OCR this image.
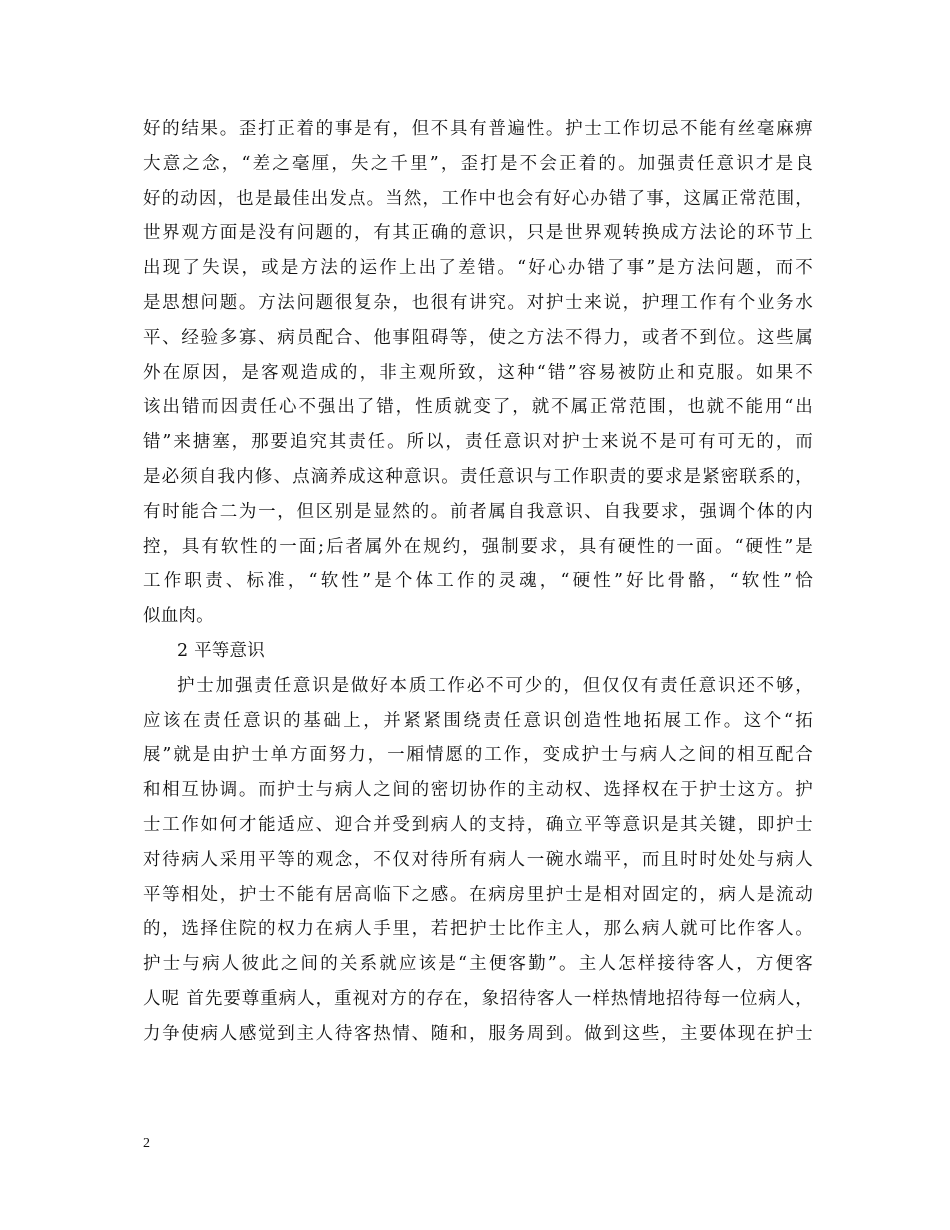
好的结果。歪打正着的事是有，但不具有普遍性。护士工作切忌不能有丝毫麻痹
大意之念，“差之毫厘，失之千里”，歪打是不会正着的。加强责任意识才是良
好的动因，也是最佳出发点。当然，工作中也会有好心办错了事，这属正常范围，
世界观方面是没有问题的，有其正确的意识，只是世界观转换成方法论的环节上
出现了失误，或是方法的运作上出了差错。“好心办错了事”是方法问题，而不
是思想问题。方法问题很复杂，也很有讲究。对护士来说，护理工作有个业务水
平、经验多寡、病员配合、他事阻碍等，使之方法不得力，或者不到位。这些属
外在原因，是客观造成的，非主观所致，这种“错”容易被防止和克服。如果不
该出错而因责任心不强出了错，性质就变了，就不属正常范围，也就不能用“出
错”来搪塞，那要追究其责任。所以，责任意识对护士来说不是可有可无的，而
是必须自我内修、点滴养成这种意识。责任意识与工作职责的要求是紧密联系的，
有时能合二为一，但区别是显然的。前者属自我意识、自我要求，强调个体的内
控，具有软性的一面;后者属外在规约，强制要求，具有硬性的一面。“硬性”是
工作职责、标准，“软性”是个体工作的灵魂，“硬性”好比骨骼，“软性”恰
似血肉。
2 平等意识
护士加强责任意识是做好本质工作必不可少的，但仅仅有责任意识还不够，
应该在责任意识的基础上，并紧紧围绕责任意识创造性地拓展工作。这个“拓
展”就是由护士单方面努力，一厢情愿的工作，变成护士与病人之间的相互配合
和相互协调。而护士与病人之间的密切协作的主动权、选择权在于护士这方。护
士工作如何才能适应、迎合并受到病人的支持，确立平等意识是其关键，即护士
对待病人采用平等的观念，不仅对待所有病人一碗水端平，而且时时处处与病人
平等相处，护士不能有居高临下之感。在病房里护士是相对固定的，病人是流动
的，选择住院的权力在病人手里，若把护士比作主人，那么病人就可比作客人。
护士与病人彼此之间的关系就应该是“主便客勤”。主人怎样接待客人，方便客
人呢 首先要尊重病人，重视对方的存在，象招待客人一样热情地招待每一位病人，
力争使病人感觉到主人待客热情、随和，服务周到。做到这些，主要体现在护士
2
